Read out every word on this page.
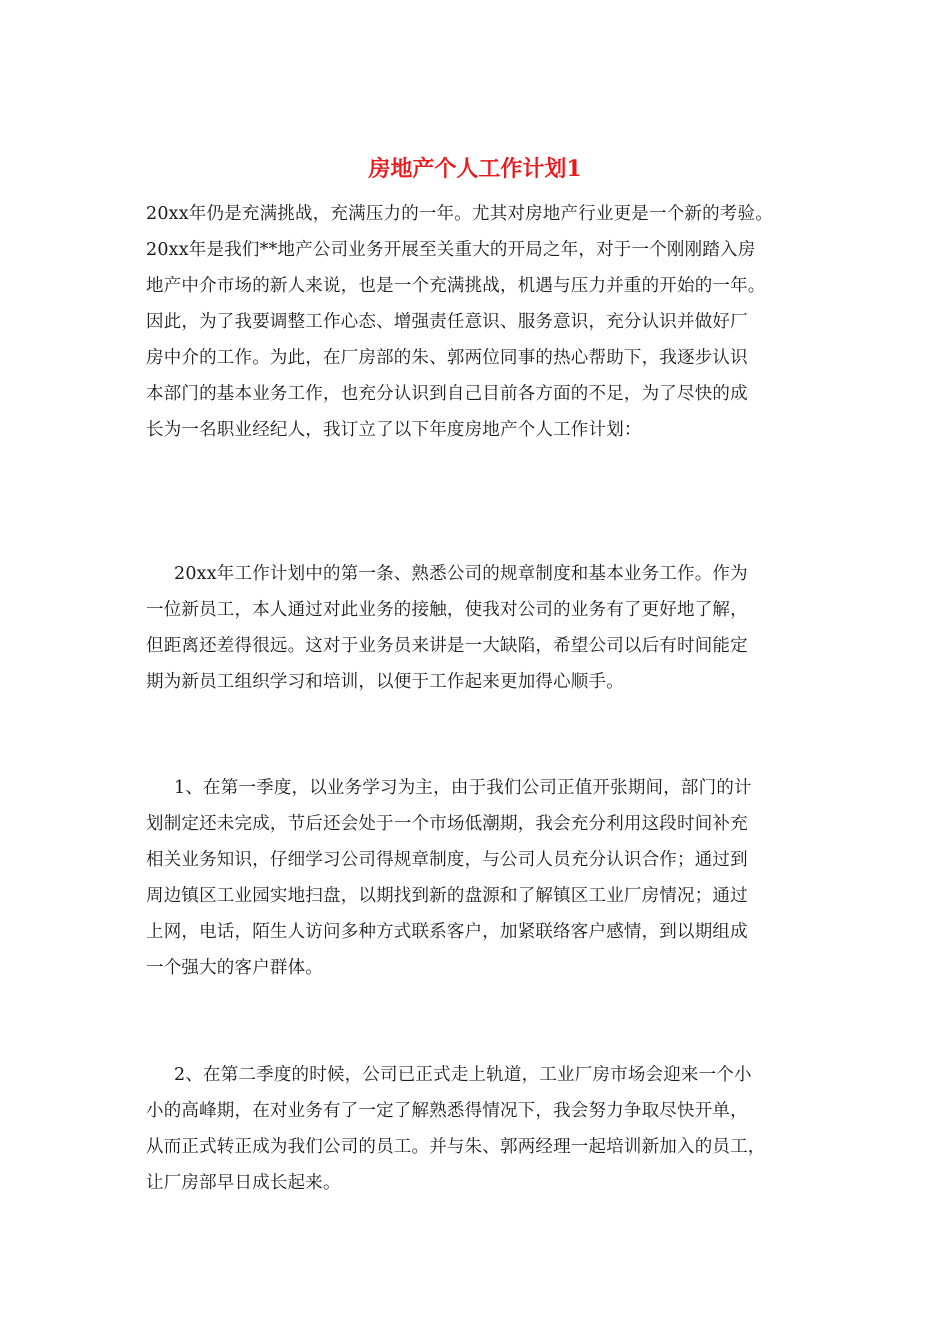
房地产个人工作计划1

20xx年仍是充满挑战，充满压力的一年。尤其对房地产行业更是一个新的考验。
20xx年是我们**地产公司业务开展至关重大的开局之年，对于一个刚刚踏入房
地产中介市场的新人来说，也是一个充满挑战，机遇与压力并重的开始的一年。
因此，为了我要调整工作心态、增强责任意识、服务意识，充分认识并做好厂
房中介的工作。为此，在厂房部的朱、郭两位同事的热心帮助下，我逐步认识
本部门的基本业务工作，也充分认识到自己目前各方面的不足，为了尽快的成
长为一名职业经纪人，我订立了以下年度房地产个人工作计划：

20xx年工作计划中的第一条、熟悉公司的规章制度和基本业务工作。作为
一位新员工，本人通过对此业务的接触，使我对公司的业务有了更好地了解，
但距离还差得很远。这对于业务员来讲是一大缺陷，希望公司以后有时间能定
期为新员工组织学习和培训，以便于工作起来更加得心顺手。

1、在第一季度，以业务学习为主，由于我们公司正值开张期间，部门的计
划制定还未完成，节后还会处于一个市场低潮期，我会充分利用这段时间补充
相关业务知识，仔细学习公司得规章制度，与公司人员充分认识合作；通过到
周边镇区工业园实地扫盘，以期找到新的盘源和了解镇区工业厂房情况；通过
上网，电话，陌生人访问多种方式联系客户，加紧联络客户感情，到以期组成
一个强大的客户群体。

2、在第二季度的时候，公司已正式走上轨道，工业厂房市场会迎来一个小
小的高峰期，在对业务有了一定了解熟悉得情况下，我会努力争取尽快开单，
从而正式转正成为我们公司的员工。并与朱、郭两经理一起培训新加入的员工，
让厂房部早日成长起来。
